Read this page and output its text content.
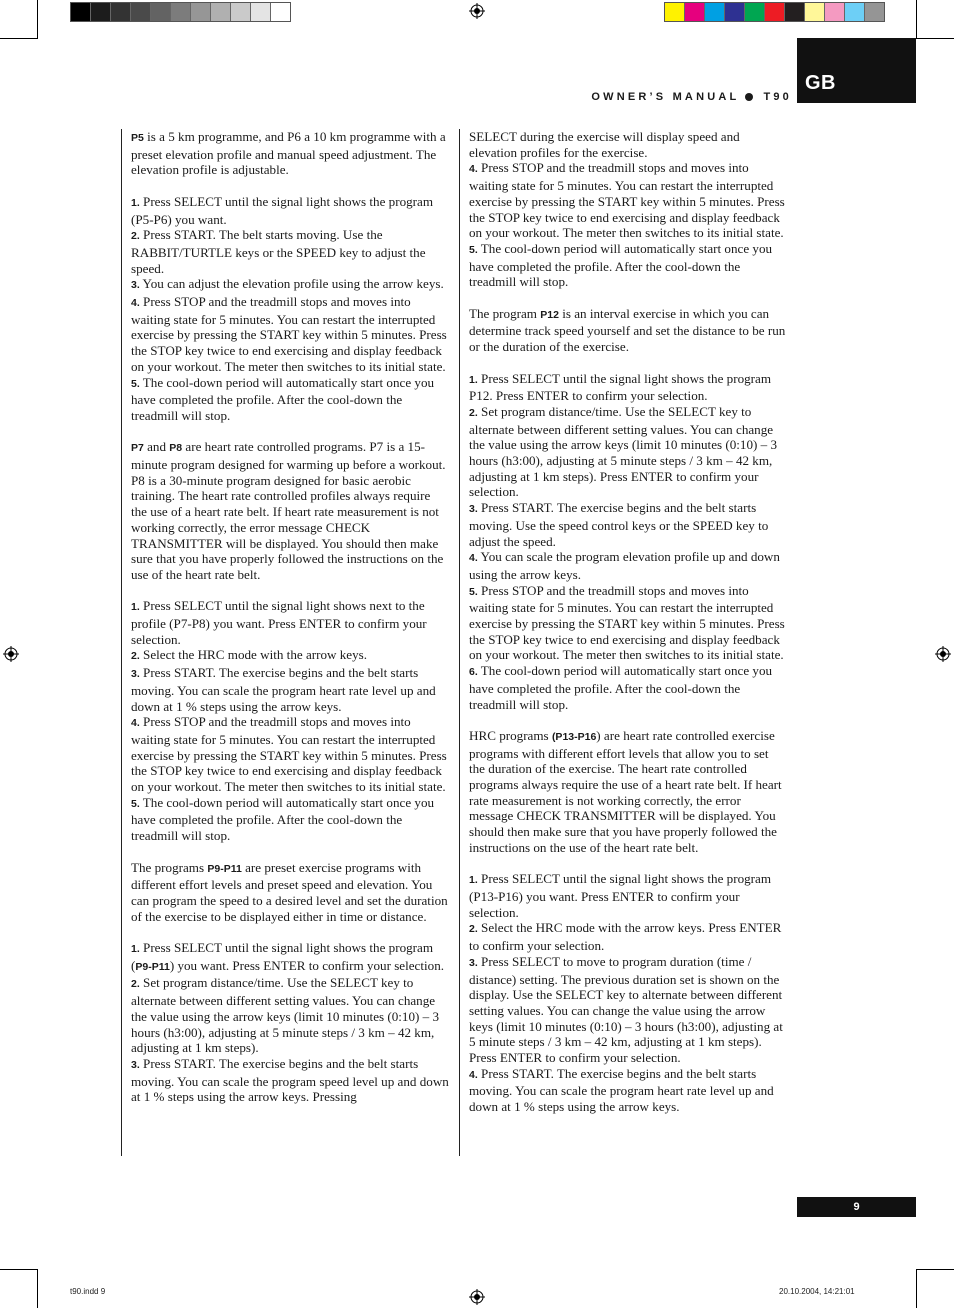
GB
OWNER’S MANUAL T90
P5 is a 5 km programme, and P6 a 10 km programme with a preset elevation profile and manual speed adjustment. The elevation profile is adjustable.
1. Press SELECT until the signal light shows the program (P5-P6) you want.
2. Press START. The belt starts moving. Use the RABBIT/TURTLE keys or the SPEED key to adjust the speed.
3. You can adjust the elevation profile using the arrow keys.
4. Press STOP and the treadmill stops and moves into waiting state for 5 minutes. You can restart the interrupted exercise by pressing the START key within 5 minutes. Press the STOP key twice to end exercising and display feedback on your workout. The meter then switches to its initial state.
5. The cool-down period will automatically start once you have completed the profile. After the cool-down the treadmill will stop.
P7 and P8 are heart rate controlled programs. P7 is a 15-minute program designed for warming up before a workout. P8 is a 30-minute program designed for basic aerobic training. The heart rate controlled profiles always require the use of a heart rate belt. If heart rate measurement is not working correctly, the error message CHECK TRANSMITTER will be displayed. You should then make sure that you have properly followed the instructions on the use of the heart rate belt.
1. Press SELECT until the signal light shows next to the profile (P7-P8) you want. Press ENTER to confirm your selection.
2. Select the HRC mode with the arrow keys.
3. Press START. The exercise begins and the belt starts moving. You can scale the program heart rate level up and down at 1 % steps using the arrow keys.
4. Press STOP and the treadmill stops and moves into waiting state for 5 minutes. You can restart the interrupted exercise by pressing the START key within 5 minutes. Press the STOP key twice to end exercising and display feedback on your workout. The meter then switches to its initial state.
5. The cool-down period will automatically start once you have completed the profile. After the cool-down the treadmill will stop.
The programs P9-P11 are preset exercise programs with different effort levels and preset speed and elevation. You can program the speed to a desired level and set the duration of the exercise to be displayed either in time or distance.
1. Press SELECT until the signal light shows the program (P9-P11) you want. Press ENTER to confirm your selection.
2. Set program distance/time. Use the SELECT key to alternate between different setting values. You can change the value using the arrow keys (limit 10 minutes (0:10) – 3 hours (h3:00), adjusting at 5 minute steps / 3 km – 42 km, adjusting at 1 km steps).
3. Press START. The exercise begins and the belt starts moving. You can scale the program speed level up and down at 1 % steps using the arrow keys. Pressing
SELECT during the exercise will display speed and elevation profiles for the exercise.
4. Press STOP and the treadmill stops and moves into waiting state for 5 minutes. You can restart the interrupted exercise by pressing the START key within 5 minutes. Press the STOP key twice to end exercising and display feedback on your workout. The meter then switches to its initial state.
5. The cool-down period will automatically start once you have completed the profile. After the cool-down the treadmill will stop.
The program P12 is an interval exercise in which you can determine track speed yourself and set the distance to be run or the duration of the exercise.
1. Press SELECT until the signal light shows the program P12. Press ENTER to confirm your selection.
2. Set program distance/time. Use the SELECT key to alternate between different setting values. You can change the value using the arrow keys (limit 10 minutes (0:10) – 3 hours (h3:00), adjusting at 5 minute steps / 3 km – 42 km, adjusting at 1 km steps). Press ENTER to confirm your selection.
3. Press START. The exercise begins and the belt starts moving. Use the speed control keys or the SPEED key to adjust the speed.
4. You can scale the program elevation profile up and down using the arrow keys.
5. Press STOP and the treadmill stops and moves into waiting state for 5 minutes. You can restart the interrupted exercise by pressing the START key within 5 minutes. Press the STOP key twice to end exercising and display feedback on your workout. The meter then switches to its initial state.
6. The cool-down period will automatically start once you have completed the profile. After the cool-down the treadmill will stop.
HRC programs (P13-P16) are heart rate controlled exercise programs with different effort levels that allow you to set the duration of the exercise. The heart rate controlled programs always require the use of a heart rate belt. If heart rate measurement is not working correctly, the error message CHECK TRANSMITTER will be displayed. You should then make sure that you have properly followed the instructions on the use of the heart rate belt.
1. Press SELECT until the signal light shows the program (P13-P16) you want. Press ENTER to confirm your selection.
2. Select the HRC mode with the arrow keys. Press ENTER to confirm your selection.
3. Press SELECT to move to program duration (time / distance) setting. The previous duration set is shown on the display. Use the SELECT key to alternate between different setting values. You can change the value using the arrow keys (limit 10 minutes (0:10) – 3 hours (h3:00), adjusting at 5 minute steps / 3 km – 42 km, adjusting at 1 km steps). Press ENTER to confirm your selection.
4. Press START. The exercise begins and the belt starts moving. You can scale the program heart rate level up and down at 1 % steps using the arrow keys.
9
t90.indd 9	20.10.2004, 14:21:01
